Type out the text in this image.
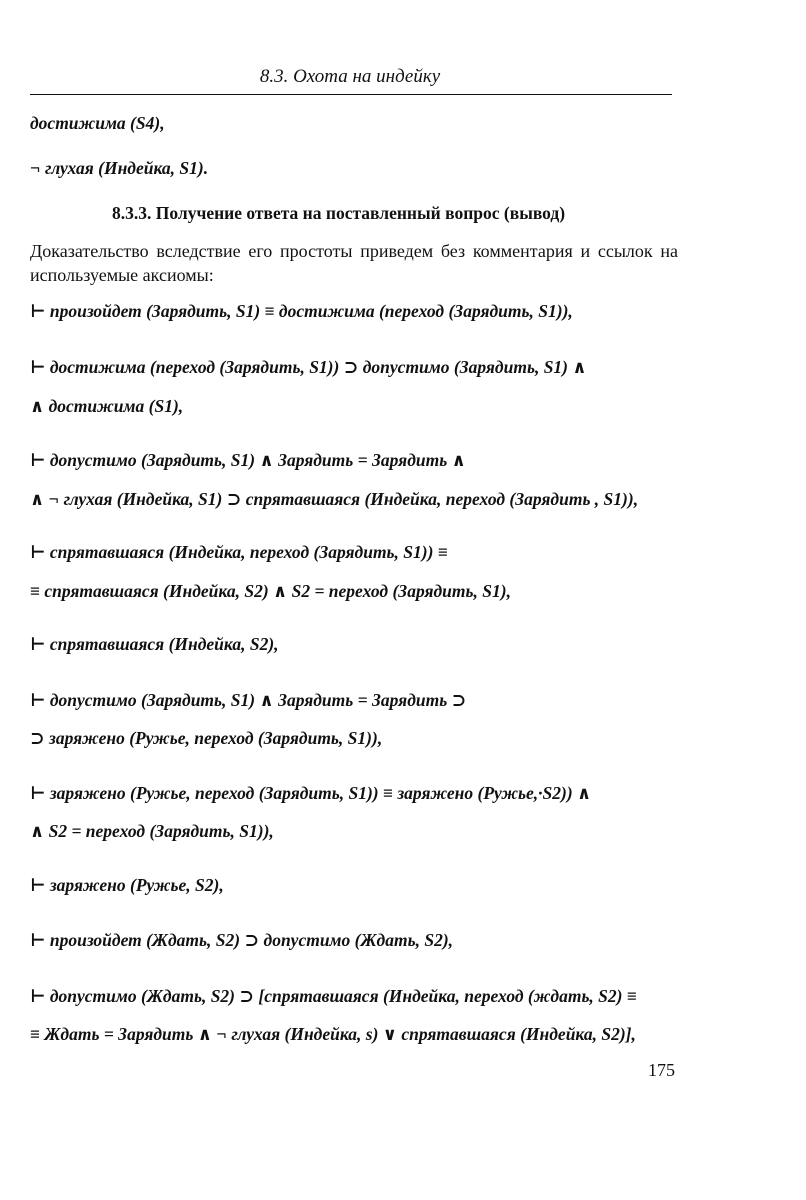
8.3. Охота на индейку
достижима (S4),
¬ глухая (Индейка, S1).
8.3.3. Получение ответа на поставленный вопрос (вывод)
Доказательство вследствие его простоты приведем без комментария и ссылок на используемые аксиомы:
⊢ произойдет (Зарядить, S1) ≡ достижима (переход (Зарядить, S1)),
⊢ достижима (переход (Зарядить, S1)) ⊃ допустимо (Зарядить, S1) ∧
∧ достижима (S1),
⊢ допустимо (Зарядить, S1) ∧ Зарядить = Зарядить ∧
∧ ¬ глухая (Индейка, S1) ⊃ спрятавшаяся (Индейка, переход (Зарядить , S1)),
⊢ спрятавшаяся (Индейка, переход (Зарядить, S1)) ≡
≡ спрятавшаяся (Индейка, S2) ∧ S2 = переход (Зарядить, S1),
⊢ спрятавшаяся (Индейка, S2),
⊢ допустимо (Зарядить, S1) ∧ Зарядить = Зарядить ⊃
⊃ заряжено (Ружье, переход (Зарядить, S1)),
⊢ заряжено (Ружье, переход (Зарядить, S1)) ≡ заряжено (Ружье,·S2)) ∧
∧ S2 = переход (Зарядить, S1)),
⊢ заряжено (Ружье, S2),
⊢ произойдет (Ждать, S2) ⊃ допустимо (Ждать, S2),
⊢ допустимо (Ждать, S2) ⊃ [спрятавшаяся (Индейка, переход (ждать, S2) ≡
≡ Ждать = Зарядить ∧ ¬ глухая (Индейка, s) ∨ спрятавшаяся (Индейка, S2)],
175
